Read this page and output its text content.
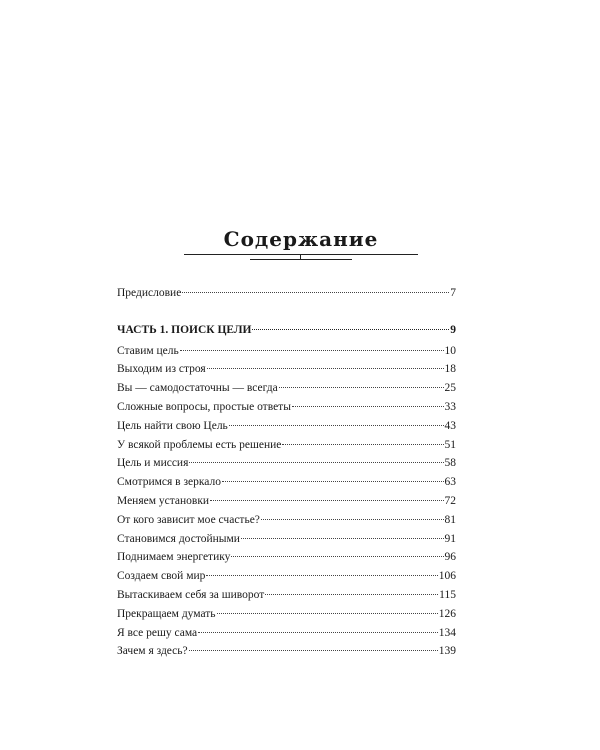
Содержание
Предисловие	7
ЧАСТЬ 1. ПОИСК ЦЕЛИ	9
Ставим цель	10
Выходим из строя	18
Вы — самодостаточны — всегда	25
Сложные вопросы, простые ответы	33
Цель найти свою Цель	43
У всякой проблемы есть решение	51
Цель и миссия	58
Смотримся в зеркало	63
Меняем установки	72
От кого зависит мое счастье?	81
Становимся достойными	91
Поднимаем энергетику	96
Создаем свой мир	106
Вытаскиваем себя за шиворот	115
Прекращаем думать	126
Я все решу сама	134
Зачем я здесь?	139
